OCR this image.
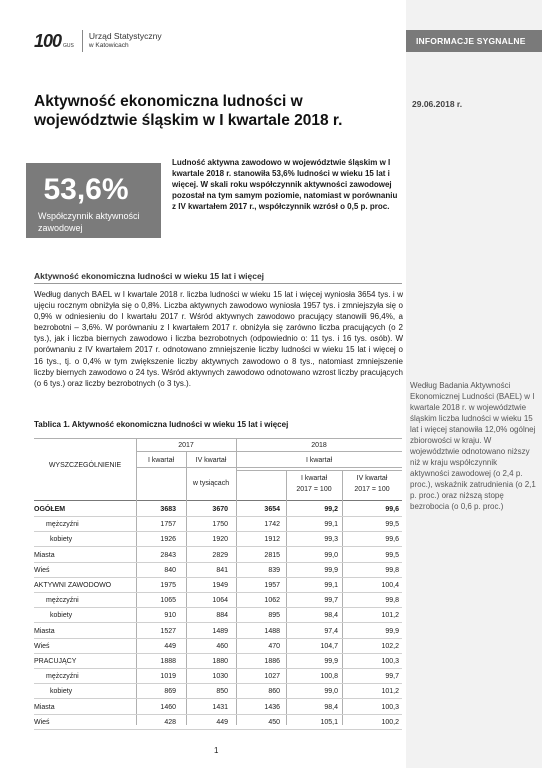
INFORMACJE SYGNALNE
29.06.2018 r.
Według Badania Aktywności Ekonomicznej Ludności (BAEL) w I kwartale 2018 r. w województwie śląskim liczba ludności w wieku 15 lat i więcej stanowiła 12,0% ogólnej zbiorowości w kraju. W województwie odnotowano niższy niż w kraju współczynnik aktywności zawodowej (o 2,4 p. proc.), wskaźnik zatrudnienia (o 2,1 p. proc.) oraz niższą stopę bezrobocia (o 0,6 p. proc.)
100 GUS
Urząd Statystyczny
w Katowicach
Aktywność ekonomiczna ludności w województwie śląskim w I kwartale 2018 r.
53,6%
Współczynnik aktywności zawodowej
Ludność aktywna zawodowo w województwie śląskim w I kwartale 2018 r. stanowiła 53,6% ludności w wieku 15 lat i więcej. W skali roku współczynnik aktywności zawodowej pozostał na tym samym poziomie, natomiast w porównaniu z IV kwartałem 2017 r., współczynnik wzrósł o 0,5 p. proc.
Aktywność ekonomiczna ludności w wieku 15 lat i więcej
Według danych BAEL w I kwartale 2018 r. liczba ludności w wieku 15 lat i więcej wyniosła 3654 tys. i w ujęciu rocznym obniżyła się o 0,8%. Liczba aktywnych zawodowo wyniosła 1957 tys. i zmniejszyła się o 0,9% w odniesieniu do I kwartału 2017 r. Wśród aktywnych zawodowo pracujący stanowili 96,4%, a bezrobotni – 3,6%. W porównaniu z I kwartałem 2017 r. obniżyła się zarówno liczba pracujących (o 2 tys.), jak i liczba biernych zawodowo i liczba bezrobotnych (odpowiednio o: 11 tys. i 16 tys. osób). W porównaniu z IV kwartałem 2017 r. odnotowano zmniejszenie liczby ludności w wieku 15 lat i więcej o 16 tys., tj. o 0,4% w tym zwiększenie liczby aktywnych zawodowo o 8 tys., natomiast zmniejszenie liczby biernych zawodowo o 24 tys. Wśród aktywnych zawodowo odnotowano wzrost liczby pracujących (o 6 tys.) oraz liczby bezrobotnych (o 3 tys.).
Tablica 1. Aktywność ekonomiczna ludności w wieku 15 lat i więcej
WYSZCZEGÓLNIENIE
2017	2018
I kwartał	IV kwartał	I kwartał
w tysiącach
I kwartał
2017 = 100
IV kwartał
2017 = 100
OGÓŁEM	3683	3670	3654	99,2	99,6
mężczyźni	1757	1750	1742	99,1	99,5
kobiety	1926	1920	1912	99,3	99,6
Miasta	2843	2829	2815	99,0	99,5
Wieś	840	841	839	99,9	99,8
AKTYWNI ZAWODOWO	1975	1949	1957	99,1	100,4
mężczyźni	1065	1064	1062	99,7	99,8
kobiety	910	884	895	98,4	101,2
Miasta	1527	1489	1488	97,4	99,9
Wieś	449	460	470	104,7	102,2
PRACUJĄCY	1888	1880	1886	99,9	100,3
mężczyźni	1019	1030	1027	100,8	99,7
kobiety	869	850	860	99,0	101,2
Miasta	1460	1431	1436	98,4	100,3
Wieś	428	449	450	105,1	100,2
1
